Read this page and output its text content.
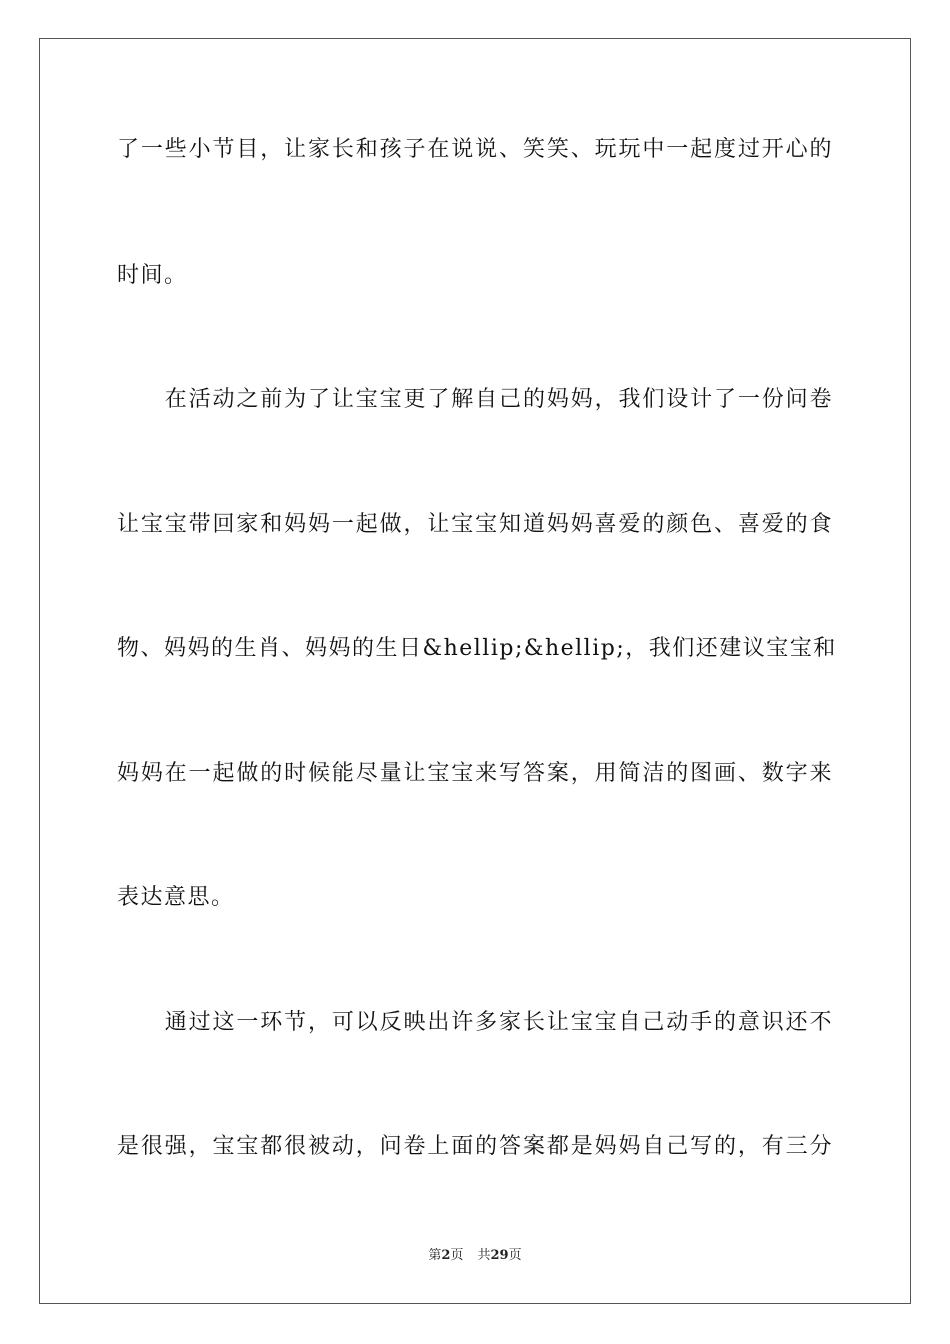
了一些小节目，让家长和孩子在说说、笑笑、玩玩中一起度过开心的
时间。
　　在活动之前为了让宝宝更了解自己的妈妈，我们设计了一份问卷
让宝宝带回家和妈妈一起做，让宝宝知道妈妈喜爱的颜色、喜爱的食
物、妈妈的生肖、妈妈的生日&hellip;&hellip;，我们还建议宝宝和
妈妈在一起做的时候能尽量让宝宝来写答案，用简洁的图画、数字来
表达意思。
　　通过这一环节，可以反映出许多家长让宝宝自己动手的意识还不
是很强，宝宝都很被动，问卷上面的答案都是妈妈自己写的，有三分
第2页 共29页
